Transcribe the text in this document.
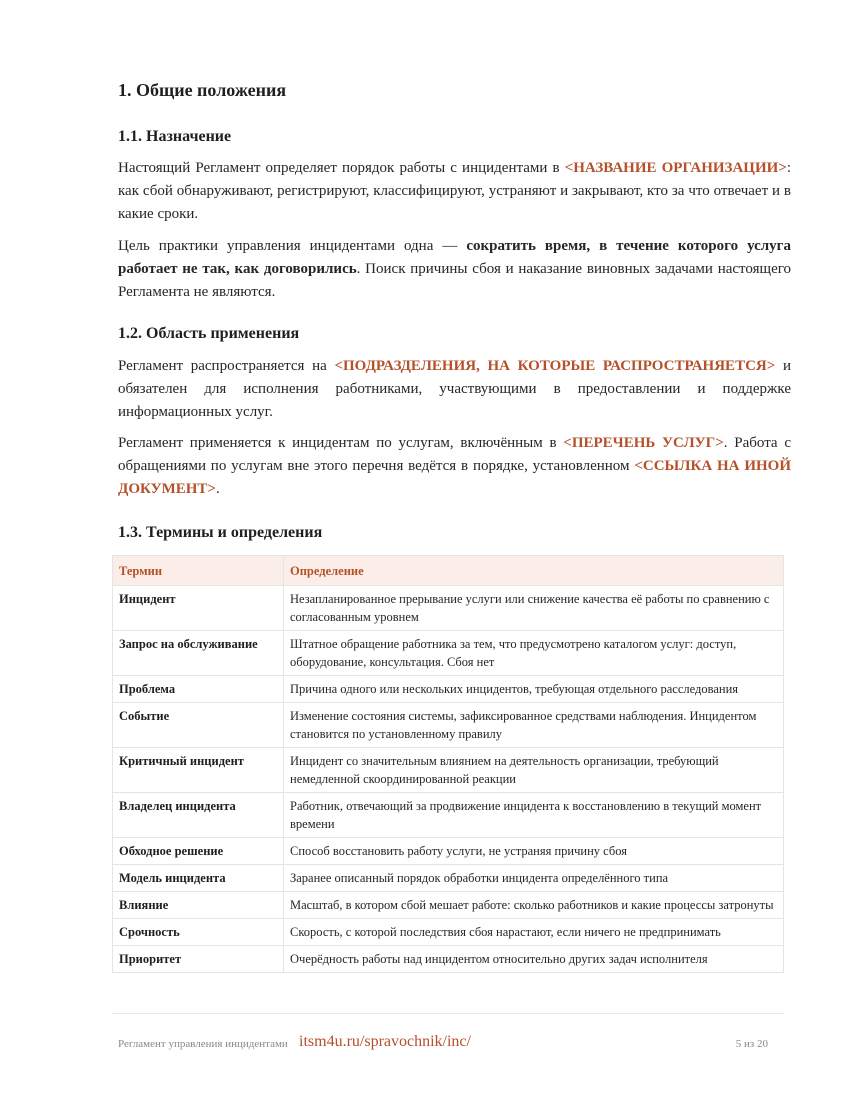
1. Общие положения
1.1. Назначение

Настоящий Регламент определяет порядок работы с инцидентами в <НАЗВАНИЕ ОРГАНИЗАЦИИ>: как сбой обнаруживают, регистрируют, классифицируют, устраняют и закрывают, кто за что отвечает и в какие сроки.

Цель практики управления инцидентами одна — сократить время, в течение которого услуга работает не так, как договорились. Поиск причины сбоя и наказание виновных задачами настоящего Регламента не являются.

1.2. Область применения

Регламент распространяется на <ПОДРАЗДЕЛЕНИЯ, НА КОТОРЫЕ РАСПРОСТРАНЯЕТСЯ> и обязателен для исполнения работниками, участвующими в предоставлении и поддержке информационных услуг.

Регламент применяется к инцидентам по услугам, включённым в <ПЕРЕЧЕНЬ УСЛУГ>. Работа с обращениями по услугам вне этого перечня ведётся в порядке, установленном <ССЫЛКА НА ИНОЙ ДОКУМЕНТ>.

1.3. Термины и определения
Термин	Определение
Инцидент	Незапланированное прерывание услуги или снижение качества её работы по сравнению с согласованным уровнем
Запрос на обслуживание	Штатное обращение работника за тем, что предусмотрено каталогом услуг: доступ, оборудование, консультация. Сбоя нет
Проблема	Причина одного или нескольких инцидентов, требующая отдельного расследования
Событие	Изменение состояния системы, зафиксированное средствами наблюдения. Инцидентом становится по установленному правилу
Критичный инцидент	Инцидент со значительным влиянием на деятельность организации, требующий немедленной скоординированной реакции
Владелец инцидента	Работник, отвечающий за продвижение инцидента к восстановлению в текущий момент времени
Обходное решение	Способ восстановить работу услуги, не устраняя причину сбоя
Модель инцидента	Заранее описанный порядок обработки инцидента определённого типа
Влияние	Масштаб, в котором сбой мешает работе: сколько работников и какие процессы затронуты
Срочность	Скорость, с которой последствия сбоя нарастают, если ничего не предпринимать
Приоритет	Очерёдность работы над инцидентом относительно других задач исполнителя
Регламент управления инцидентами itsm4u.ru/spravochnik/inc/	5 из 20
